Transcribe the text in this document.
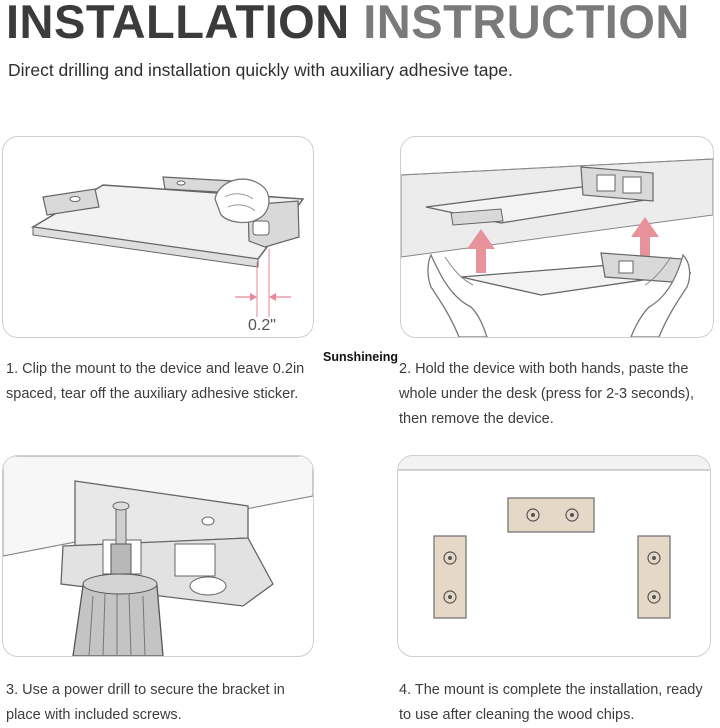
INSTALLATION INSTRUCTION
Direct drilling and installation quickly with auxiliary adhesive tape.
0.2"
Sunshineing
1. Clip the mount to the device and leave 0.2in
spaced, tear off the auxiliary adhesive sticker.
2. Hold the device with both hands, paste the
whole under the desk (press for 2-3 seconds),
then remove the device.
3. Use a power drill to secure the bracket in
place with included screws.
4. The mount is complete the installation, ready
to use after cleaning the wood chips.
